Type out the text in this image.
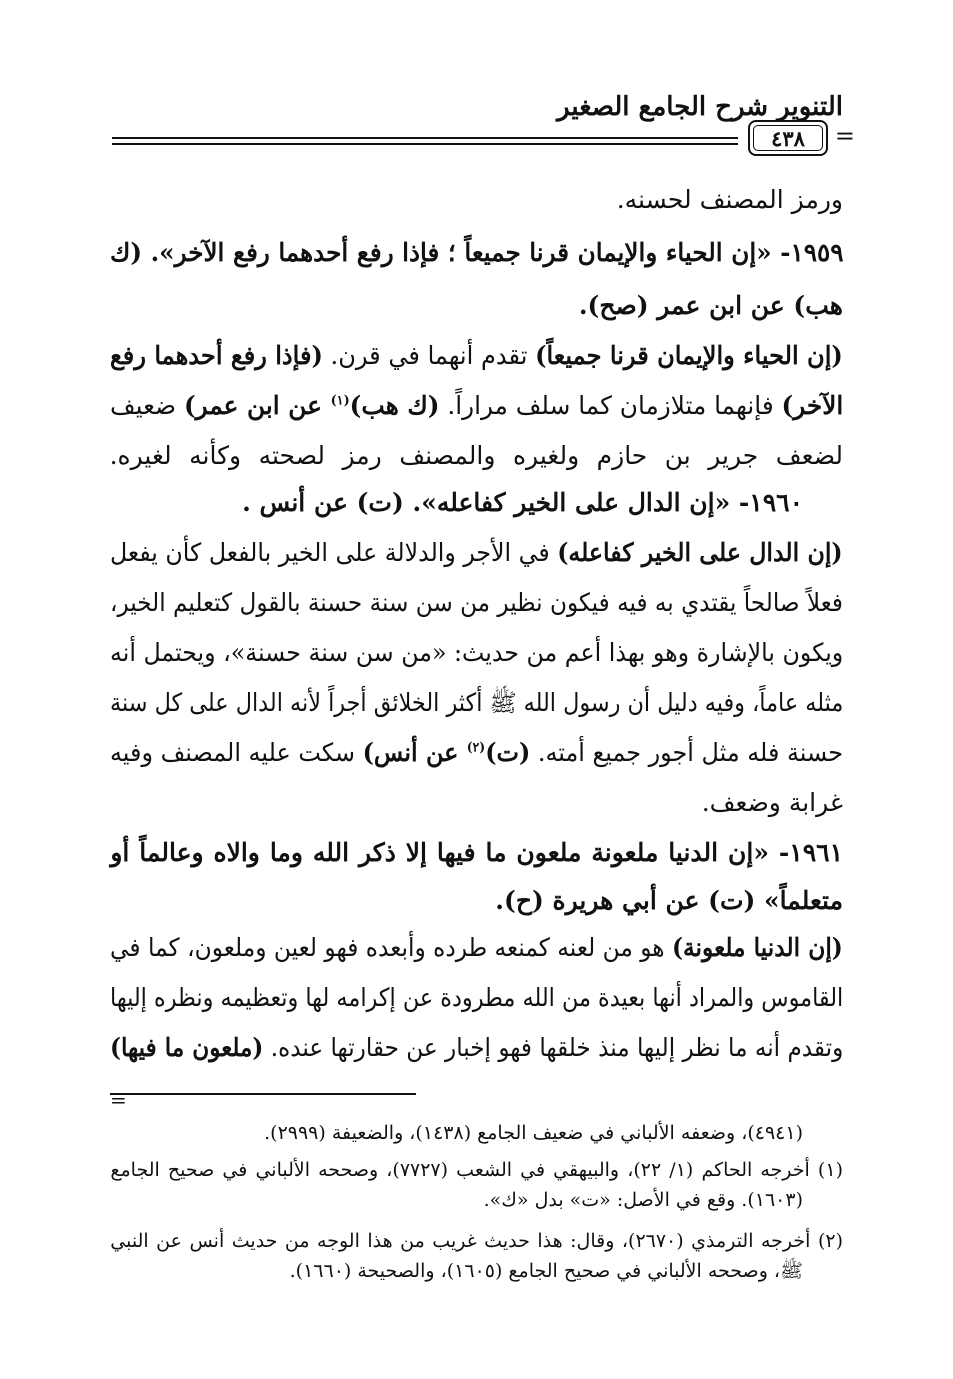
التنوير شرح الجامع الصغير
=
٤٣٨
ورمز المصنف لحسنه.
١٩٥٩- «إن الحياء والإيمان قرنا جميعاً ؛ فإذا رفع أحدهما رفع الآخر». (ك
هب) عن ابن عمر (صح).
(إن الحياء والإيمان قرنا جميعاً) تقدم أنهما في قرن. (فإذا رفع أحدهما رفع
الآخر) فإنهما متلازمان كما سلف مراراً. (ك هب)$^{(١)}$ عن ابن عمر) ضعيف
لضعف جرير بن حازم ولغيره والمصنف رمز لصحته وكأنه لغيره.
١٩٦٠- «إن الدال على الخير كفاعله». (ت) عن أنس .
(إن الدال على الخير كفاعله) في الأجر والدلالة على الخير بالفعل كأن يفعل
فعلاً صالحاً يقتدي به فيه فيكون نظير من سن سنة حسنة بالقول كتعليم الخير،
ويكون بالإشارة وهو بهذا أعم من حديث: «من سن سنة حسنة»، ويحتمل أنه
مثله عاماً، وفيه دليل أن رسول الله ﷺ أكثر الخلائق أجراً لأنه الدال على كل سنة
حسنة فله مثل أجور جميع أمته. (ت)$^{(٢)}$ عن أنس) سكت عليه المصنف وفيه
غرابة وضعف.
١٩٦١- «إن الدنيا ملعونة ملعون ما فيها إلا ذكر الله وما والاه وعالماً أو
متعلماً» (ت) عن أبي هريرة (ح).
(إن الدنيا ملعونة) هو من لعنه كمنعه طرده وأبعده فهو لعين وملعون، كما في
القاموس والمراد أنها بعيدة من الله مطرودة عن إكرامه لها وتعظيمه ونظره إليها
وتقدم أنه ما نظر إليها منذ خلقها فهو إخبار عن حقارتها عنده. (ملعون ما فيها)
=
(٤٩٤١)، وضعفه الألباني في ضعيف الجامع (١٤٣٨)، والضعيفة (٢٩٩٩).
(١) أخرجه الحاكم (١/ ٢٢)، والبيهقي في الشعب (٧٧٢٧)، وصححه الألباني في صحيح الجامع
(١٦٠٣). وقع في الأصل: «ت» بدل «ك».
(٢) أخرجه الترمذي (٢٦٧٠)، وقال: هذا حديث غريب من هذا الوجه من حديث أنس عن النبي
ﷺ، وصححه الألباني في صحيح الجامع (١٦٠٥)، والصحيحة (١٦٦٠).
